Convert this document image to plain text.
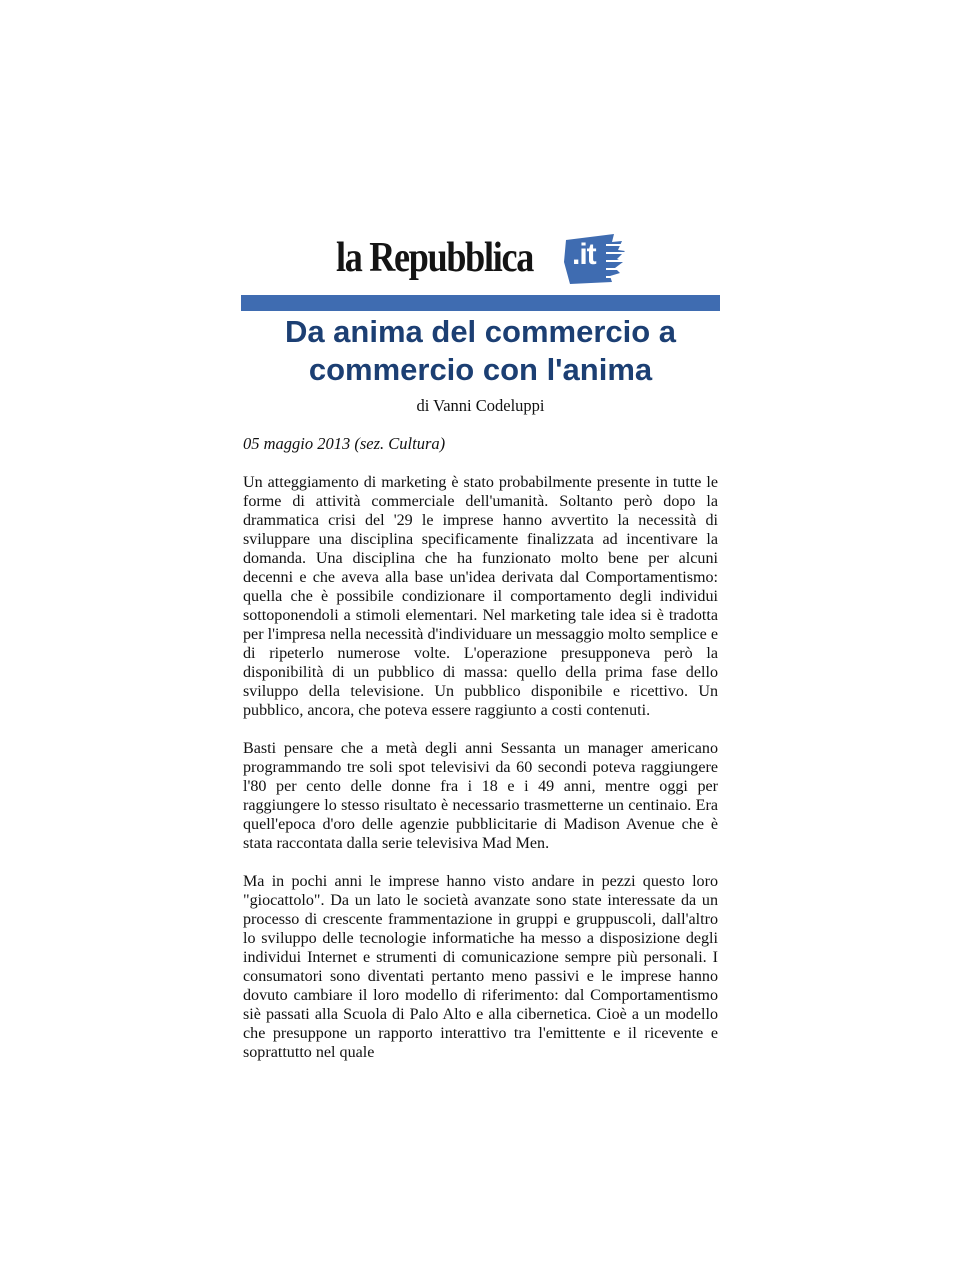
la Repubblica .it
Da anima del commercio a commercio con l'anima
di Vanni Codeluppi
05 maggio 2013 (sez. Cultura)

Un atteggiamento di marketing è stato probabilmente presente in tutte le forme di attività commerciale dell'umanità. Soltanto però dopo la drammatica crisi del '29 le imprese hanno avvertito la necessità di sviluppare una disciplina specificamente finalizzata ad incentivare la domanda. Una disciplina che ha funzionato molto bene per alcuni decenni e che aveva alla base un'idea derivata dal Comportamentismo: quella che è possibile condizionare il comportamento degli individui sottoponendoli a stimoli elementari. Nel marketing tale idea si è tradotta per l'impresa nella necessità d'individuare un messaggio molto semplice e di ripeterlo numerose volte. L'operazione presupponeva però la disponibilità di un pubblico di massa: quello della prima fase dello sviluppo della televisione. Un pubblico disponibile e ricettivo. Un pubblico, ancora, che poteva essere raggiunto a costi contenuti.

Basti pensare che a metà degli anni Sessanta un manager americano programmando tre soli spot televisivi da 60 secondi poteva raggiungere l'80 per cento delle donne fra i 18 e i 49 anni, mentre oggi per raggiungere lo stesso risultato è necessario trasmetterne un centinaio. Era quell'epoca d'oro delle agenzie pubblicitarie di Madison Avenue che è stata raccontata dalla serie televisiva Mad Men.

Ma in pochi anni le imprese hanno visto andare in pezzi questo loro "giocattolo". Da un lato le società avanzate sono state interessate da un processo di crescente frammentazione in gruppi e gruppuscoli, dall'altro lo sviluppo delle tecnologie informatiche ha messo a disposizione degli individui Internet e strumenti di comunicazione sempre più personali. I consumatori sono diventati pertanto meno passivi e le imprese hanno dovuto cambiare il loro modello di riferimento: dal Comportamentismo siè passati alla Scuola di Palo Alto e alla cibernetica. Cioè a un modello che presuppone un rapporto interattivo tra l'emittente e il ricevente e soprattutto nel quale
